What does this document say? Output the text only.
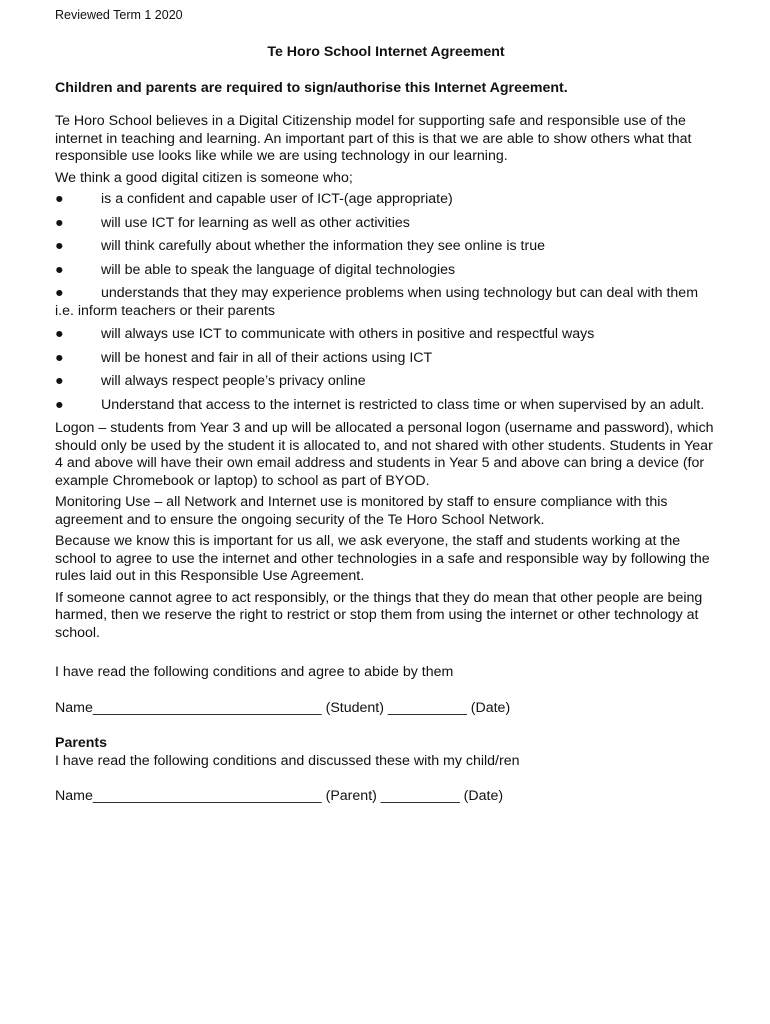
Reviewed Term 1 2020
Te Horo School Internet Agreement
Children and parents are required to sign/authorise this Internet Agreement.

Te Horo School believes in a Digital Citizenship model for supporting safe and responsible use of the internet in teaching and learning. An important part of this is that we are able to show others what that responsible use looks like while we are using technology in our learning.

We think a good digital citizen is someone who;

●	is a confident and capable user of ICT-(age appropriate)
●	will use ICT for learning as well as other activities
●	will think carefully about whether the information they see online is true
●	will be able to speak the language of digital technologies
●	understands that they may experience problems when using technology but can deal with them i.e. inform teachers or their parents
●	will always use ICT to communicate with others in positive and respectful ways
●	will be honest and fair in all of their actions using ICT
●	will always respect people’s privacy online
●	Understand that access to the internet is restricted to class time or when supervised by an adult.

Logon – students from Year 3 and up will be allocated a personal logon (username and password), which should only be used by the student it is allocated to, and not shared with other students. Students in Year 4 and above will have their own email address and students in Year 5 and above can bring a device (for example Chromebook or laptop) to school as part of BYOD.

Monitoring Use – all Network and Internet use is monitored by staff to ensure compliance with this agreement and to ensure the ongoing security of the Te Horo School Network.

Because we know this is important for us all, we ask everyone, the staff and students working at the school to agree to use the internet and other technologies in a safe and responsible way by following the rules laid out in this Responsible Use Agreement.

If someone cannot agree to act responsibly, or the things that they do mean that other people are being harmed, then we reserve the right to restrict or stop them from using the internet or other technology at school.

I have read the following conditions and agree to abide by them
Name_____________________________ (Student) __________ (Date)
Parents
I have read the following conditions and discussed these with my child/ren
Name_____________________________ (Parent) __________ (Date)
